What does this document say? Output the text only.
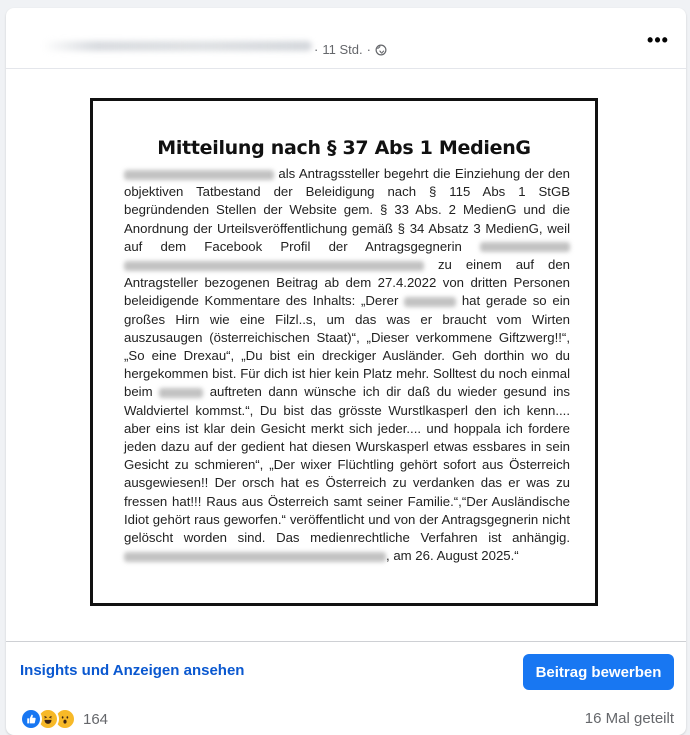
· 11 Std. ·	•••
Mitteilung nach § 37 Abs 1 MedienG
als Antragssteller begehrt die Einziehung der den objektiven Tatbestand der Beleidigung nach § 115 Abs 1 StGB begründenden Stellen der Website gem. § 33 Abs. 2 MedienG und die Anordnung der Urteilsveröffentlichung gemäß § 34 Absatz 3 MedienG, weil auf dem Facebook Profil der Antragsgegnerin   zu einem auf den Antragsteller bezogenen Beitrag ab dem 27.4.2022 von dritten Personen beleidigende Kommentare des Inhalts: „Derer	hat gerade so ein großes Hirn wie eine Filzl..s, um das was er braucht vom Wirten auszusaugen (österreichischen Staat)“, „Dieser verkommene Giftzwerg!!“, „So eine Drexau“, „Du bist ein dreckiger Ausländer. Geh dorthin wo du hergekommen bist. Für dich ist hier kein Platz mehr. Solltest du noch einmal beim	auftreten dann wünsche ich dir daß du wieder gesund ins Waldviertel kommst.“, Du bist das grösste Wurstlkasperl den ich kenn.... aber eins ist klar dein Gesicht merkt sich jeder.... und hoppala ich fordere jeden dazu auf der gedient hat diesen Wurskasperl etwas essbares in sein Gesicht zu schmieren“, „Der wixer Flüchtling gehört sofort aus Österreich ausgewiesen!! Der orsch hat es Österreich zu verdanken das er was zu fressen hat!!! Raus aus Österreich samt seiner Familie.“,“Der Ausländische Idiot gehört raus geworfen.“ veröffentlicht und von der Antragsgegnerin nicht gelöscht worden sind. Das medienrechtliche Verfahren ist anhängig. , am 26. August 2025.“
Insights und Anzeigen ansehen	Beitrag bewerben
164	16 Mal geteilt
